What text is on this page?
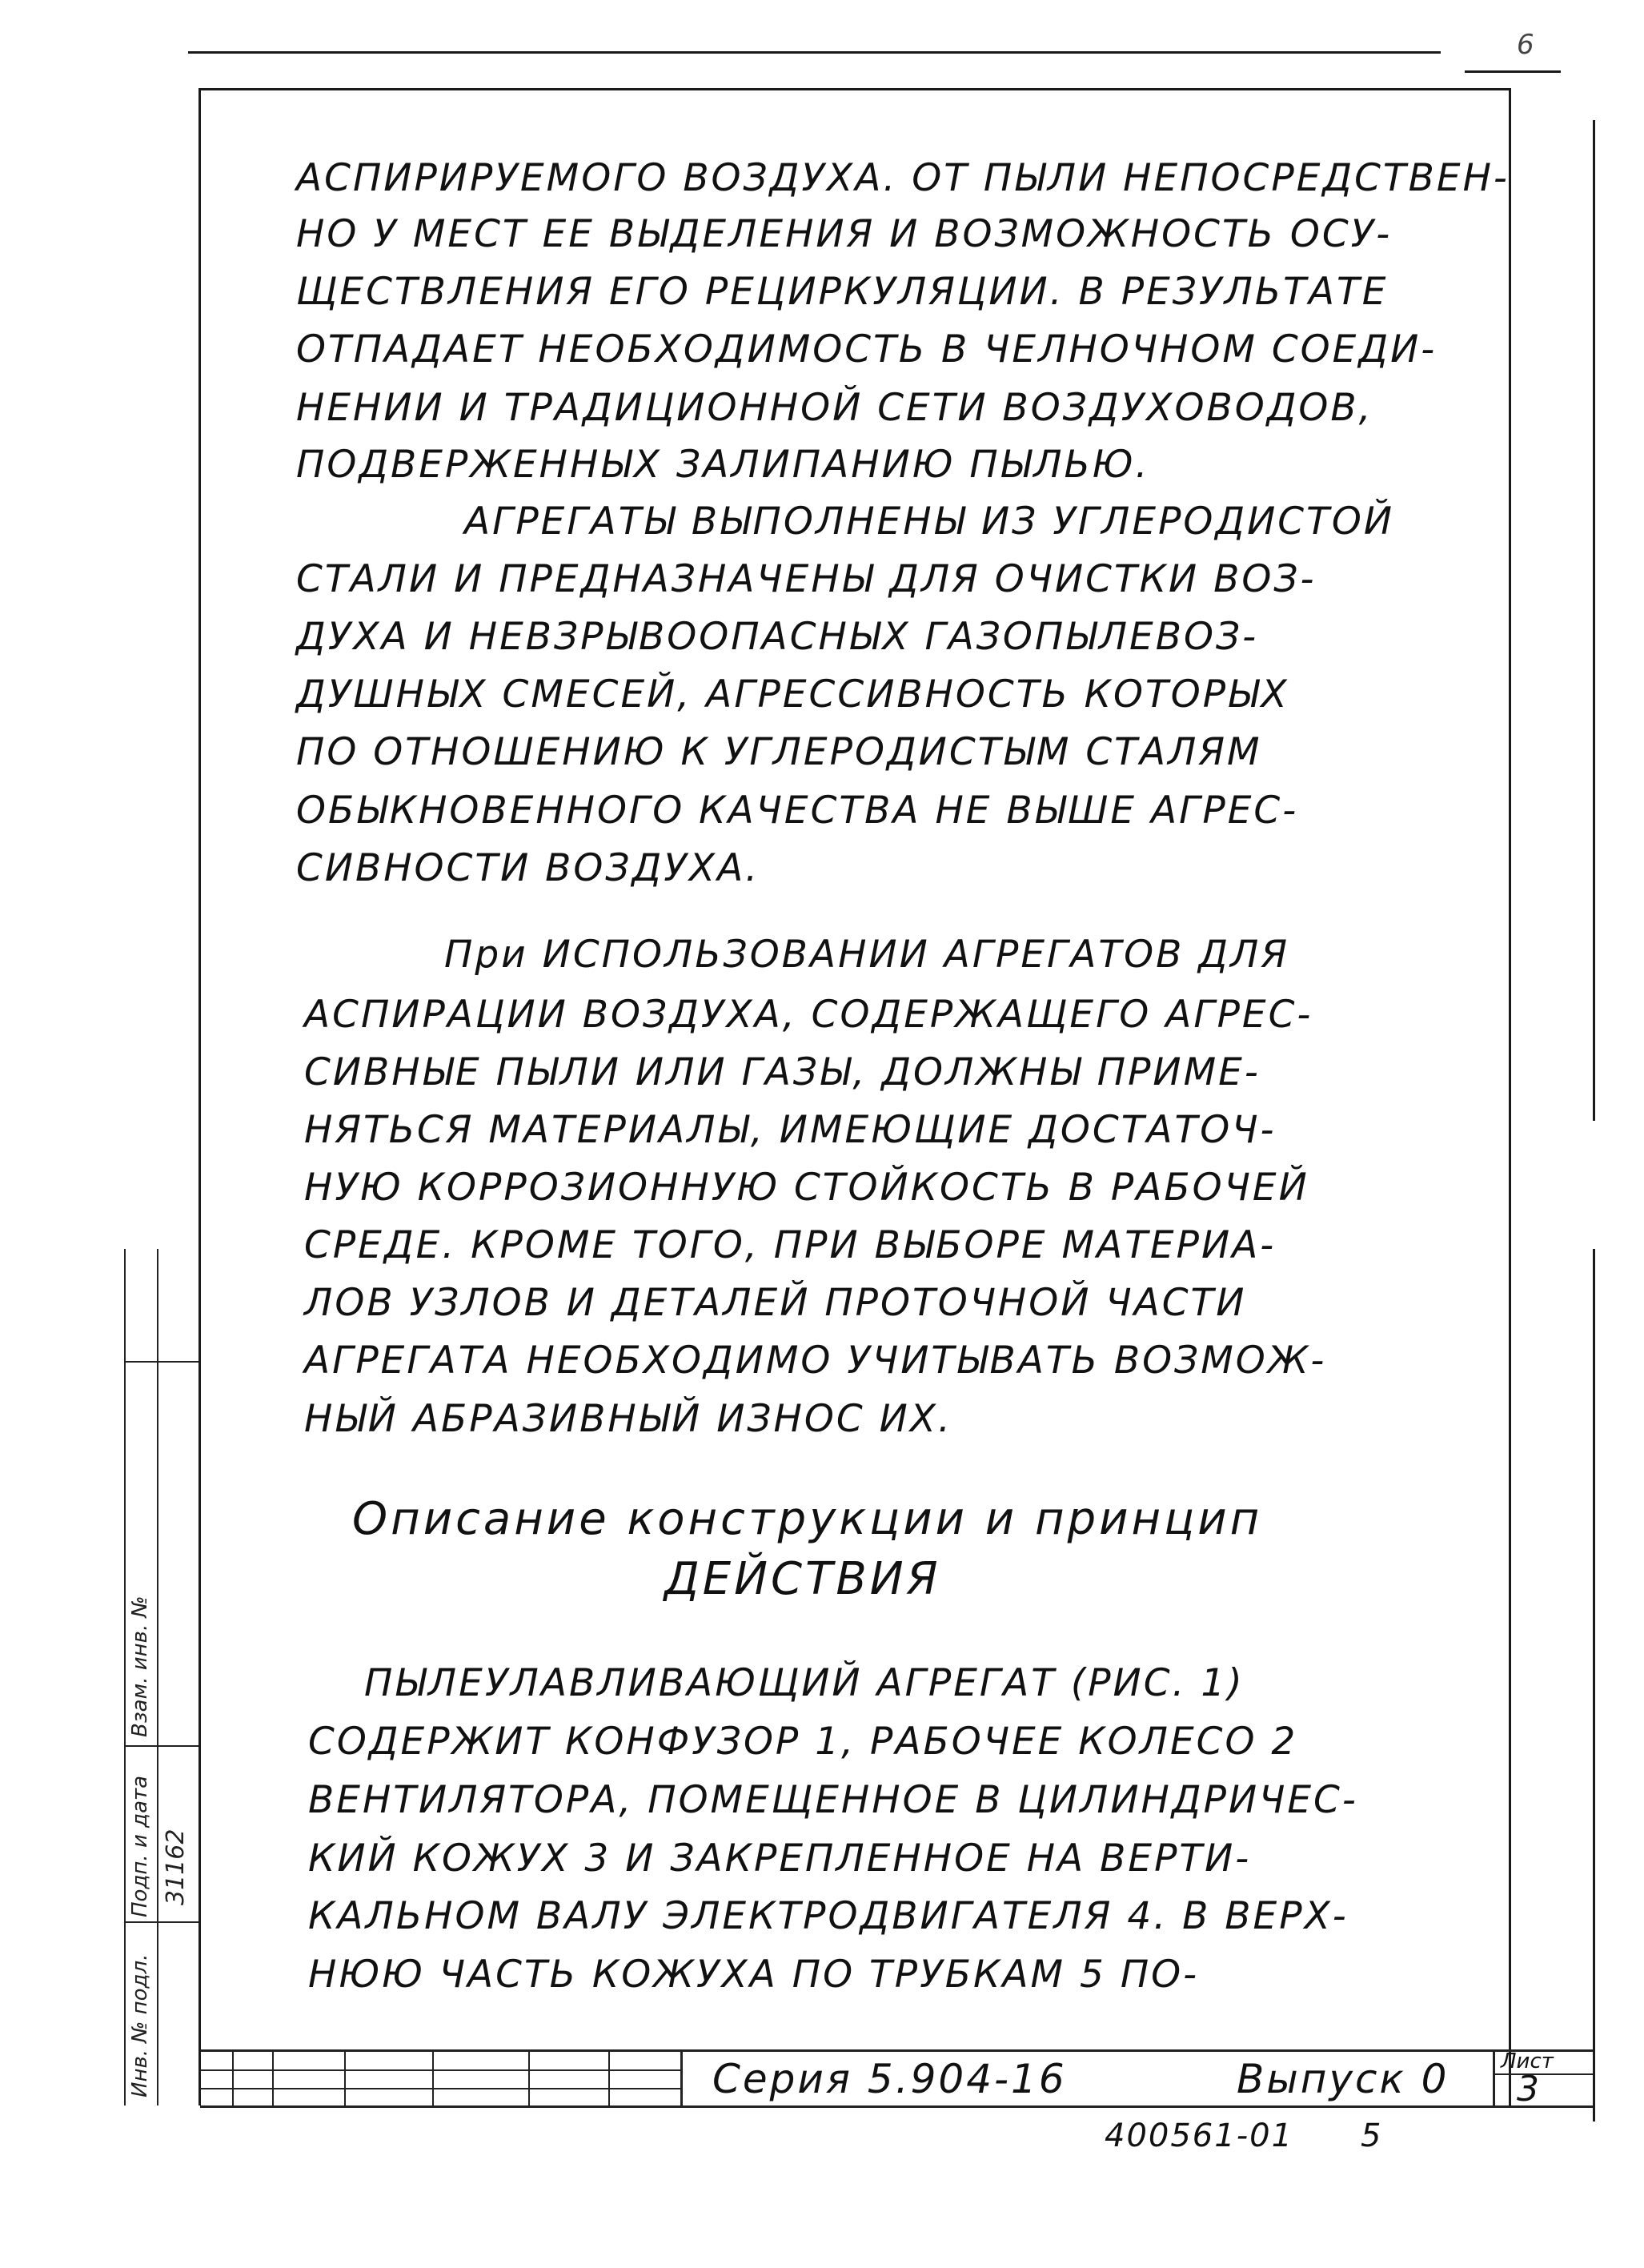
6
АСПИРИРУЕМОГО ВОЗДУХА. ОТ ПЫЛИ НЕПОСРЕДСТВЕН-
НО У МЕСТ ЕЕ ВЫДЕЛЕНИЯ И ВОЗМОЖНОСТЬ ОСУ-
ЩЕСТВЛЕНИЯ ЕГО РЕЦИРКУЛЯЦИИ. В РЕЗУЛЬТАТЕ
ОТПАДАЕТ НЕОБХОДИМОСТЬ В ЧЕЛНОЧНОМ СОЕДИ-
НЕНИИ И ТРАДИЦИОННОЙ СЕТИ ВОЗДУХОВОДОВ,
ПОДВЕРЖЕННЫХ ЗАЛИПАНИЮ ПЫЛЬЮ.
АГРЕГАТЫ ВЫПОЛНЕНЫ ИЗ УГЛЕРОДИСТОЙ
СТАЛИ И ПРЕДНАЗНАЧЕНЫ ДЛЯ ОЧИСТКИ ВОЗ-
ДУХА И НЕВЗРЫВООПАСНЫХ ГАЗОПЫЛЕВОЗ-
ДУШНЫХ СМЕСЕЙ, АГРЕССИВНОСТЬ КОТОРЫХ
ПО ОТНОШЕНИЮ К УГЛЕРОДИСТЫМ СТАЛЯМ
ОБЫКНОВЕННОГО КАЧЕСТВА НЕ ВЫШЕ АГРЕС-
СИВНОСТИ ВОЗДУХА.
При ИСПОЛЬЗОВАНИИ АГРЕГАТОВ ДЛЯ
АСПИРАЦИИ ВОЗДУХА, СОДЕРЖАЩЕГО АГРЕС-
СИВНЫЕ ПЫЛИ ИЛИ ГАЗЫ, ДОЛЖНЫ ПРИМЕ-
НЯТЬСЯ МАТЕРИАЛЫ, ИМЕЮЩИЕ ДОСТАТОЧ-
НУЮ КОРРОЗИОННУЮ СТОЙКОСТЬ В РАБОЧЕЙ
СРЕДЕ. КРОМЕ ТОГО, ПРИ ВЫБОРЕ МАТЕРИА-
ЛОВ УЗЛОВ И ДЕТАЛЕЙ ПРОТОЧНОЙ ЧАСТИ
АГРЕГАТА НЕОБХОДИМО УЧИТЫВАТЬ ВОЗМОЖ-
НЫЙ АБРАЗИВНЫЙ ИЗНОС ИХ.
Описание конструкции и принцип
ДЕЙСТВИЯ
ПЫЛЕУЛАВЛИВАЮЩИЙ АГРЕГАТ (РИС. 1)
СОДЕРЖИТ КОНФУЗОР 1, РАБОЧЕЕ КОЛЕСО 2
ВЕНТИЛЯТОРА, ПОМЕЩЕННОЕ В ЦИЛИНДРИЧЕС-
КИЙ КОЖУХ 3 И ЗАКРЕПЛЕННОЕ НА ВЕРТИ-
КАЛЬНОМ ВАЛУ ЭЛЕКТРОДВИГАТЕЛЯ 4. В ВЕРХ-
НЮЮ ЧАСТЬ КОЖУХА ПО ТРУБКАМ 5 ПО-
Инв. № подл.
Подп. и дата
Взам. инв. №
31162
Серия 5.904-16	Выпуск 0 Лист
3
400561-01 5
